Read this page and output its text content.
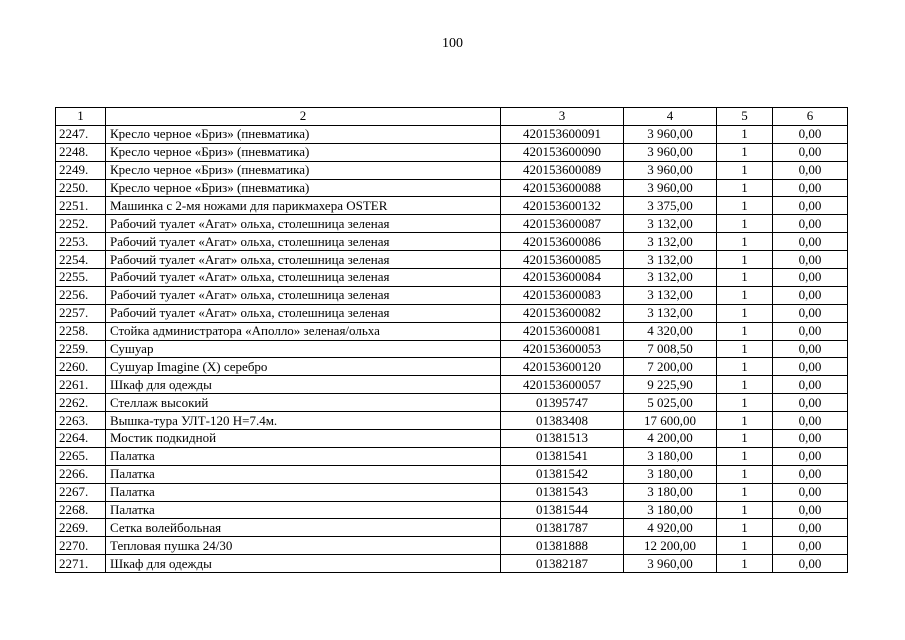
100
1	2	3	4	5	6
2247.	Кресло черное «Бриз» (пневматика)	420153600091	3 960,00	1	0,00
2248.	Кресло черное «Бриз» (пневматика)	420153600090	3 960,00	1	0,00
2249.	Кресло черное «Бриз» (пневматика)	420153600089	3 960,00	1	0,00
2250.	Кресло черное «Бриз» (пневматика)	420153600088	3 960,00	1	0,00
2251.	Машинка с 2-мя ножами для парикмахера OSTER	420153600132	3 375,00	1	0,00
2252.	Рабочий туалет «Агат» ольха, столешница зеленая	420153600087	3 132,00	1	0,00
2253.	Рабочий туалет «Агат» ольха, столешница зеленая	420153600086	3 132,00	1	0,00
2254.	Рабочий туалет «Агат» ольха, столешница зеленая	420153600085	3 132,00	1	0,00
2255.	Рабочий туалет «Агат» ольха, столешница зеленая	420153600084	3 132,00	1	0,00
2256.	Рабочий туалет «Агат» ольха, столешница зеленая	420153600083	3 132,00	1	0,00
2257.	Рабочий туалет «Агат» ольха, столешница зеленая	420153600082	3 132,00	1	0,00
2258.	Стойка администратора «Аполло» зеленая/ольха	420153600081	4 320,00	1	0,00
2259.	Сушуар	420153600053	7 008,50	1	0,00
2260.	Сушуар Imagine (X) серебро	420153600120	7 200,00	1	0,00
2261.	Шкаф для одежды	420153600057	9 225,90	1	0,00
2262.	Стеллаж высокий	01395747	5 025,00	1	0,00
2263.	Вышка-тура УЛТ-120 Н=7.4м.	01383408	17 600,00	1	0,00
2264.	Мостик подкидной	01381513	4 200,00	1	0,00
2265.	Палатка	01381541	3 180,00	1	0,00
2266.	Палатка	01381542	3 180,00	1	0,00
2267.	Палатка	01381543	3 180,00	1	0,00
2268.	Палатка	01381544	3 180,00	1	0,00
2269.	Сетка волейбольная	01381787	4 920,00	1	0,00
2270.	Тепловая пушка 24/30	01381888	12 200,00	1	0,00
2271.	Шкаф для одежды	01382187	3 960,00	1	0,00
